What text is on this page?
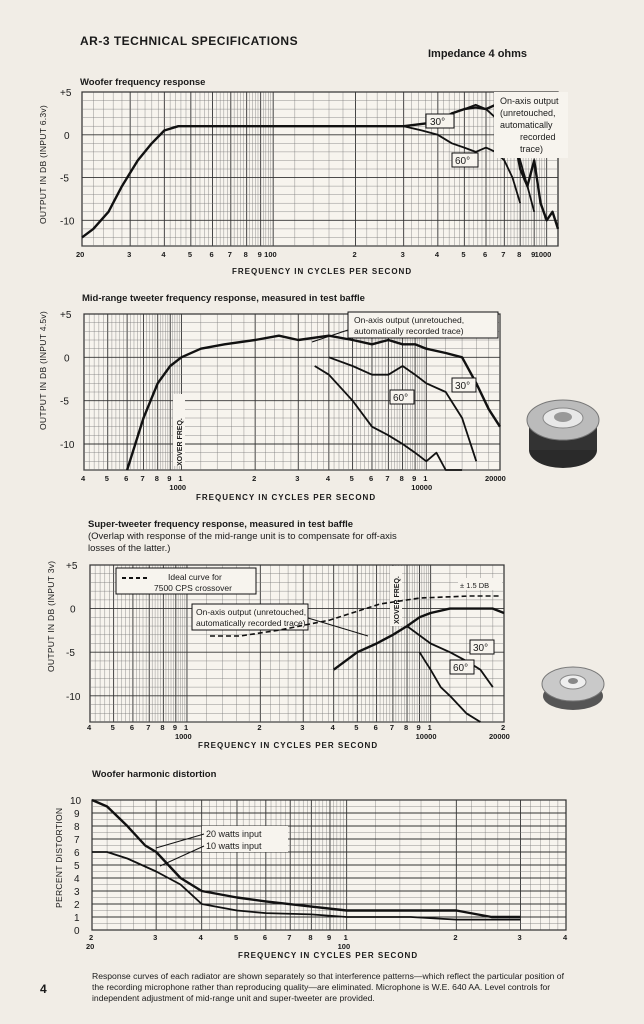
AR-3 TECHNICAL SPECIFICATIONS
Impedance 4 ohms
Woofer frequency response
OUTPUT IN DB (INPUT 6.3v)
+5
0
-5
-10
20	3	4	5 6 7 8 9 100	2	3	4	5 6 7 8 9 1000
On-axis output
(unretouched,
automatically
recorded
trace)
30°
60°
FREQUENCY IN CYCLES PER SECOND
Mid-range tweeter frequency response, measured in test baffle
OUTPUT IN DB (INPUT 4.5v) +5
0
-5
-10
4	5 6 7 8 9 1
1000
2	3	4	5 6 7 8 9 1
10000
20000
On-axis output (unretouched,
automatically recorded trace)
30°
60°
XOVER FREQ.
FREQUENCY IN CYCLES PER SECOND
Super-tweeter frequency response, measured in test baffle
(Overlap with response of the mid-range unit is to compensate for off-axis losses of the latter.)
OUTPUT IN DB (INPUT 3v) +5
0
-5
-10
4	5 6 7 8 9 1
1000
2	3	4	5 6 7 8 9 1
10000
2
20000
Ideal curve for
7500 CPS crossover
On-axis output (unretouched,
automatically recorded trace)
± 1.5 DB
30°
60°
XOVER FREQ.
FREQUENCY IN CYCLES PER SECOND
Woofer harmonic distortion
PERCENT DISTORTION
10
9
8
7
6
5
4
3
2
1
0
2
20
3	4	5	6	7 8 9 1
100
2	3	4
20 watts input
10 watts input
FREQUENCY IN CYCLES PER SECOND
4
Response curves of each radiator are shown separately so that interference patterns—which reflect the particular position of the recording microphone rather than reproducing quality—are eliminated. Microphone is W.E. 640 AA. Level controls for independent adjustment of mid-range unit and super-tweeter are provided.
